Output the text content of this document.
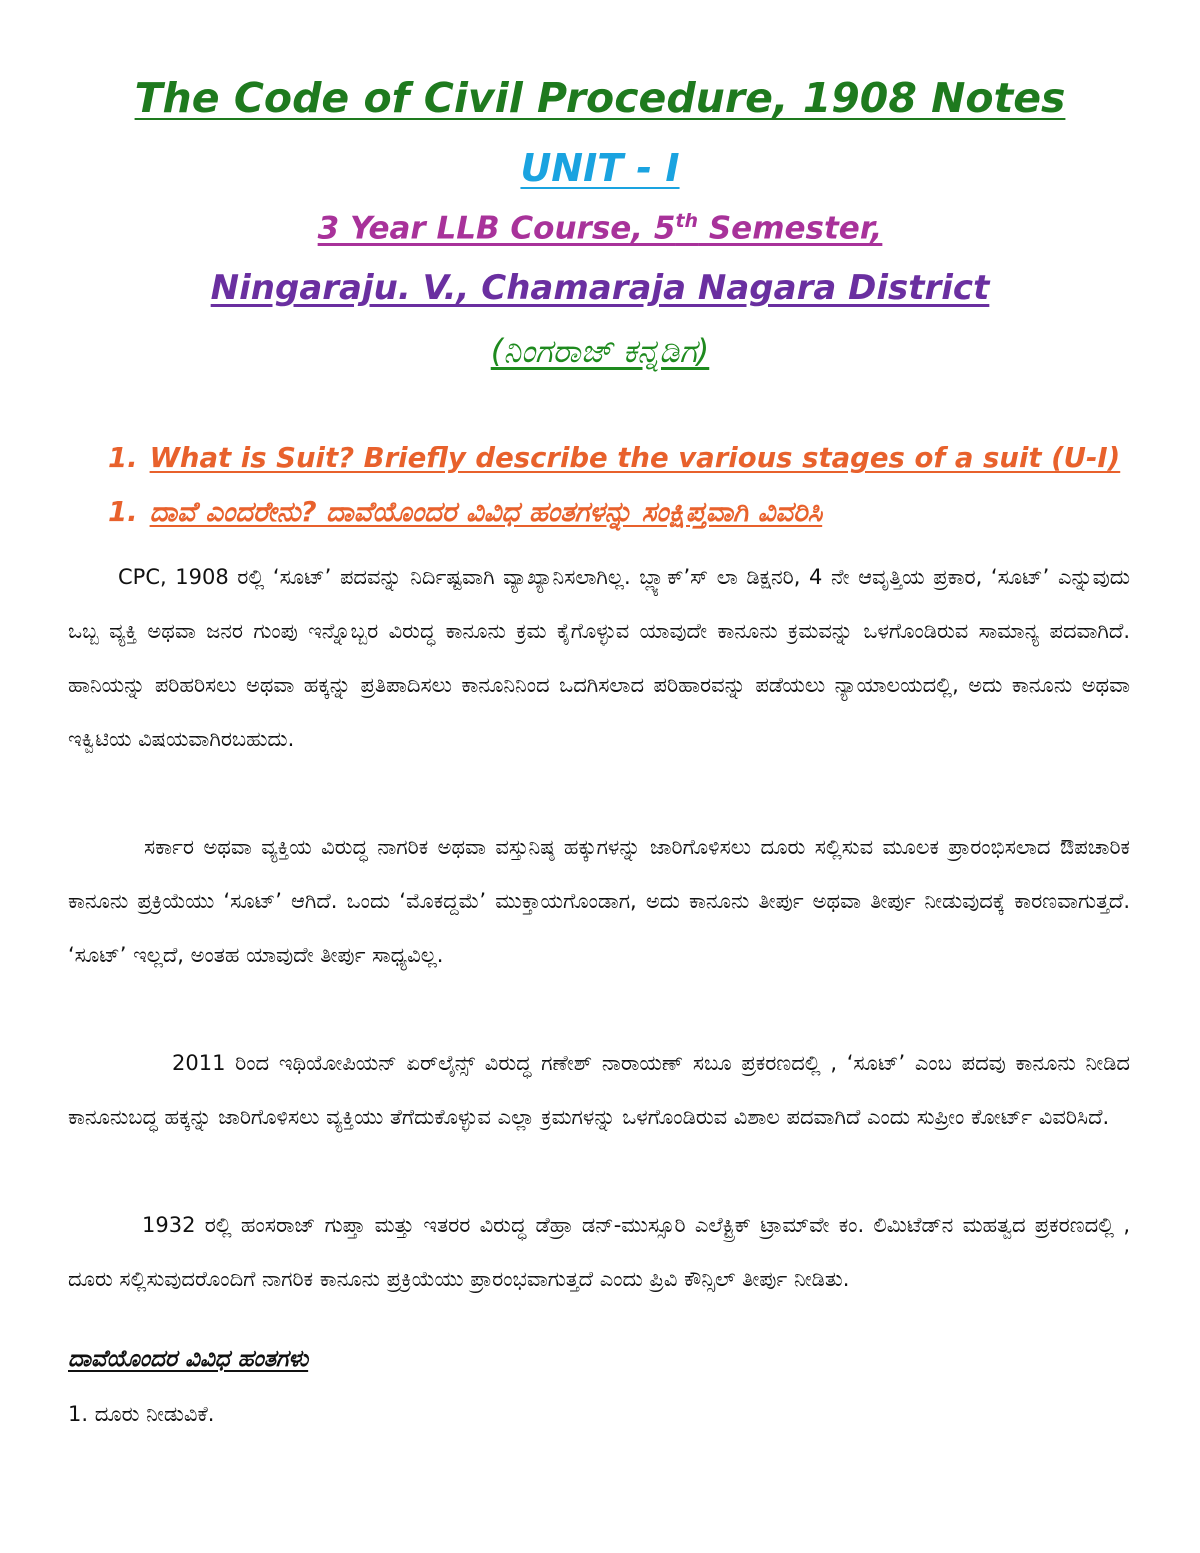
The Code of Civil Procedure, 1908 Notes
UNIT - I
3 Year LLB Course, 5th Semester,
Ningaraju. V., Chamaraja Nagara District
(ನಿಂಗರಾಜ್ ಕನ್ನಡಿಗ)
1. What is Suit? Briefly describe the various stages of a suit (U-I)
1. ದಾವೆ ಎಂದರೇನು? ದಾವೆಯೊಂದರ ವಿವಿಧ ಹಂತಗಳನ್ನು ಸಂಕ್ಷಿಪ್ತವಾಗಿ ವಿವರಿಸಿ

CPC, 1908 ರಲ್ಲಿ ‘ಸೂಟ್’ ಪದವನ್ನು ನಿರ್ದಿಷ್ಟವಾಗಿ ವ್ಯಾಖ್ಯಾನಿಸಲಾಗಿಲ್ಲ. ಬ್ಲ್ಯಾಕ್’ಸ್ ಲಾ ಡಿಕ್ಷನರಿ, 4 ನೇ ಆವೃತ್ತಿಯ ಪ್ರಕಾರ, ‘ಸೂಟ್’ ಎನ್ನುವುದು ಒಬ್ಬ ವ್ಯಕ್ತಿ ಅಥವಾ ಜನರ ಗುಂಪು ಇನ್ನೊಬ್ಬರ ವಿರುದ್ಧ ಕಾನೂನು ಕ್ರಮ ಕೈಗೊಳ್ಳುವ ಯಾವುದೇ ಕಾನೂನು ಕ್ರಮವನ್ನು ಒಳಗೊಂಡಿರುವ ಸಾಮಾನ್ಯ ಪದವಾಗಿದೆ. ಹಾನಿಯನ್ನು ಪರಿಹರಿಸಲು ಅಥವಾ ಹಕ್ಕನ್ನು ಪ್ರತಿಪಾದಿಸಲು ಕಾನೂನಿನಿಂದ ಒದಗಿಸಲಾದ ಪರಿಹಾರವನ್ನು ಪಡೆಯಲು ನ್ಯಾಯಾಲಯದಲ್ಲಿ, ಅದು ಕಾನೂನು ಅಥವಾ ಇಕ್ವಿಟಿಯ ವಿಷಯವಾಗಿರಬಹುದು.

ಸರ್ಕಾರ ಅಥವಾ ವ್ಯಕ್ತಿಯ ವಿರುದ್ಧ ನಾಗರಿಕ ಅಥವಾ ವಸ್ತುನಿಷ್ಠ ಹಕ್ಕುಗಳನ್ನು ಜಾರಿಗೊಳಿಸಲು ದೂರು ಸಲ್ಲಿಸುವ ಮೂಲಕ ಪ್ರಾರಂಭಿಸಲಾದ ಔಪಚಾರಿಕ ಕಾನೂನು ಪ್ರಕ್ರಿಯೆಯು ‘ಸೂಟ್’ ಆಗಿದೆ. ಒಂದು ‘ಮೊಕದ್ದಮೆ’ ಮುಕ್ತಾಯಗೊಂಡಾಗ, ಅದು ಕಾನೂನು ತೀರ್ಪು ಅಥವಾ ತೀರ್ಪು ನೀಡುವುದಕ್ಕೆ ಕಾರಣವಾಗುತ್ತದೆ. ‘ಸೂಟ್’ ಇಲ್ಲದೆ, ಅಂತಹ ಯಾವುದೇ ತೀರ್ಪು ಸಾಧ್ಯವಿಲ್ಲ.

2011 ರಿಂದ ಇಥಿಯೋಪಿಯನ್ ಏರ್‌ಲೈನ್ಸ್ ವಿರುದ್ಧ ಗಣೇಶ್ ನಾರಾಯಣ್ ಸಬೂ ಪ್ರಕರಣದಲ್ಲಿ , ‘ಸೂಟ್’ ಎಂಬ ಪದವು ಕಾನೂನು ನೀಡಿದ ಕಾನೂನುಬದ್ಧ ಹಕ್ಕನ್ನು ಜಾರಿಗೊಳಿಸಲು ವ್ಯಕ್ತಿಯು ತೆಗೆದುಕೊಳ್ಳುವ ಎಲ್ಲಾ ಕ್ರಮಗಳನ್ನು ಒಳಗೊಂಡಿರುವ ವಿಶಾಲ ಪದವಾಗಿದೆ ಎಂದು ಸುಪ್ರೀಂ ಕೋರ್ಟ್ ವಿವರಿಸಿದೆ.

1932 ರಲ್ಲಿ ಹಂಸರಾಜ್ ಗುಪ್ತಾ ಮತ್ತು ಇತರರ ವಿರುದ್ಧ ಡೆಹ್ರಾ ಡನ್-ಮುಸ್ಸೂರಿ ಎಲೆಕ್ಟ್ರಿಕ್ ಟ್ರಾಮ್‌ವೇ ಕಂ. ಲಿಮಿಟೆಡ್‌ನ ಮಹತ್ವದ ಪ್ರಕರಣದಲ್ಲಿ , ದೂರು ಸಲ್ಲಿಸುವುದರೊಂದಿಗೆ ನಾಗರಿಕ ಕಾನೂನು ಪ್ರಕ್ರಿಯೆಯು ಪ್ರಾರಂಭವಾಗುತ್ತದೆ ಎಂದು ಪ್ರಿವಿ ಕೌನ್ಸಿಲ್ ತೀರ್ಪು ನೀಡಿತು.

ದಾವೆಯೊಂದರ ವಿವಿಧ ಹಂತಗಳು
1. ದೂರು ನೀಡುವಿಕೆ.
